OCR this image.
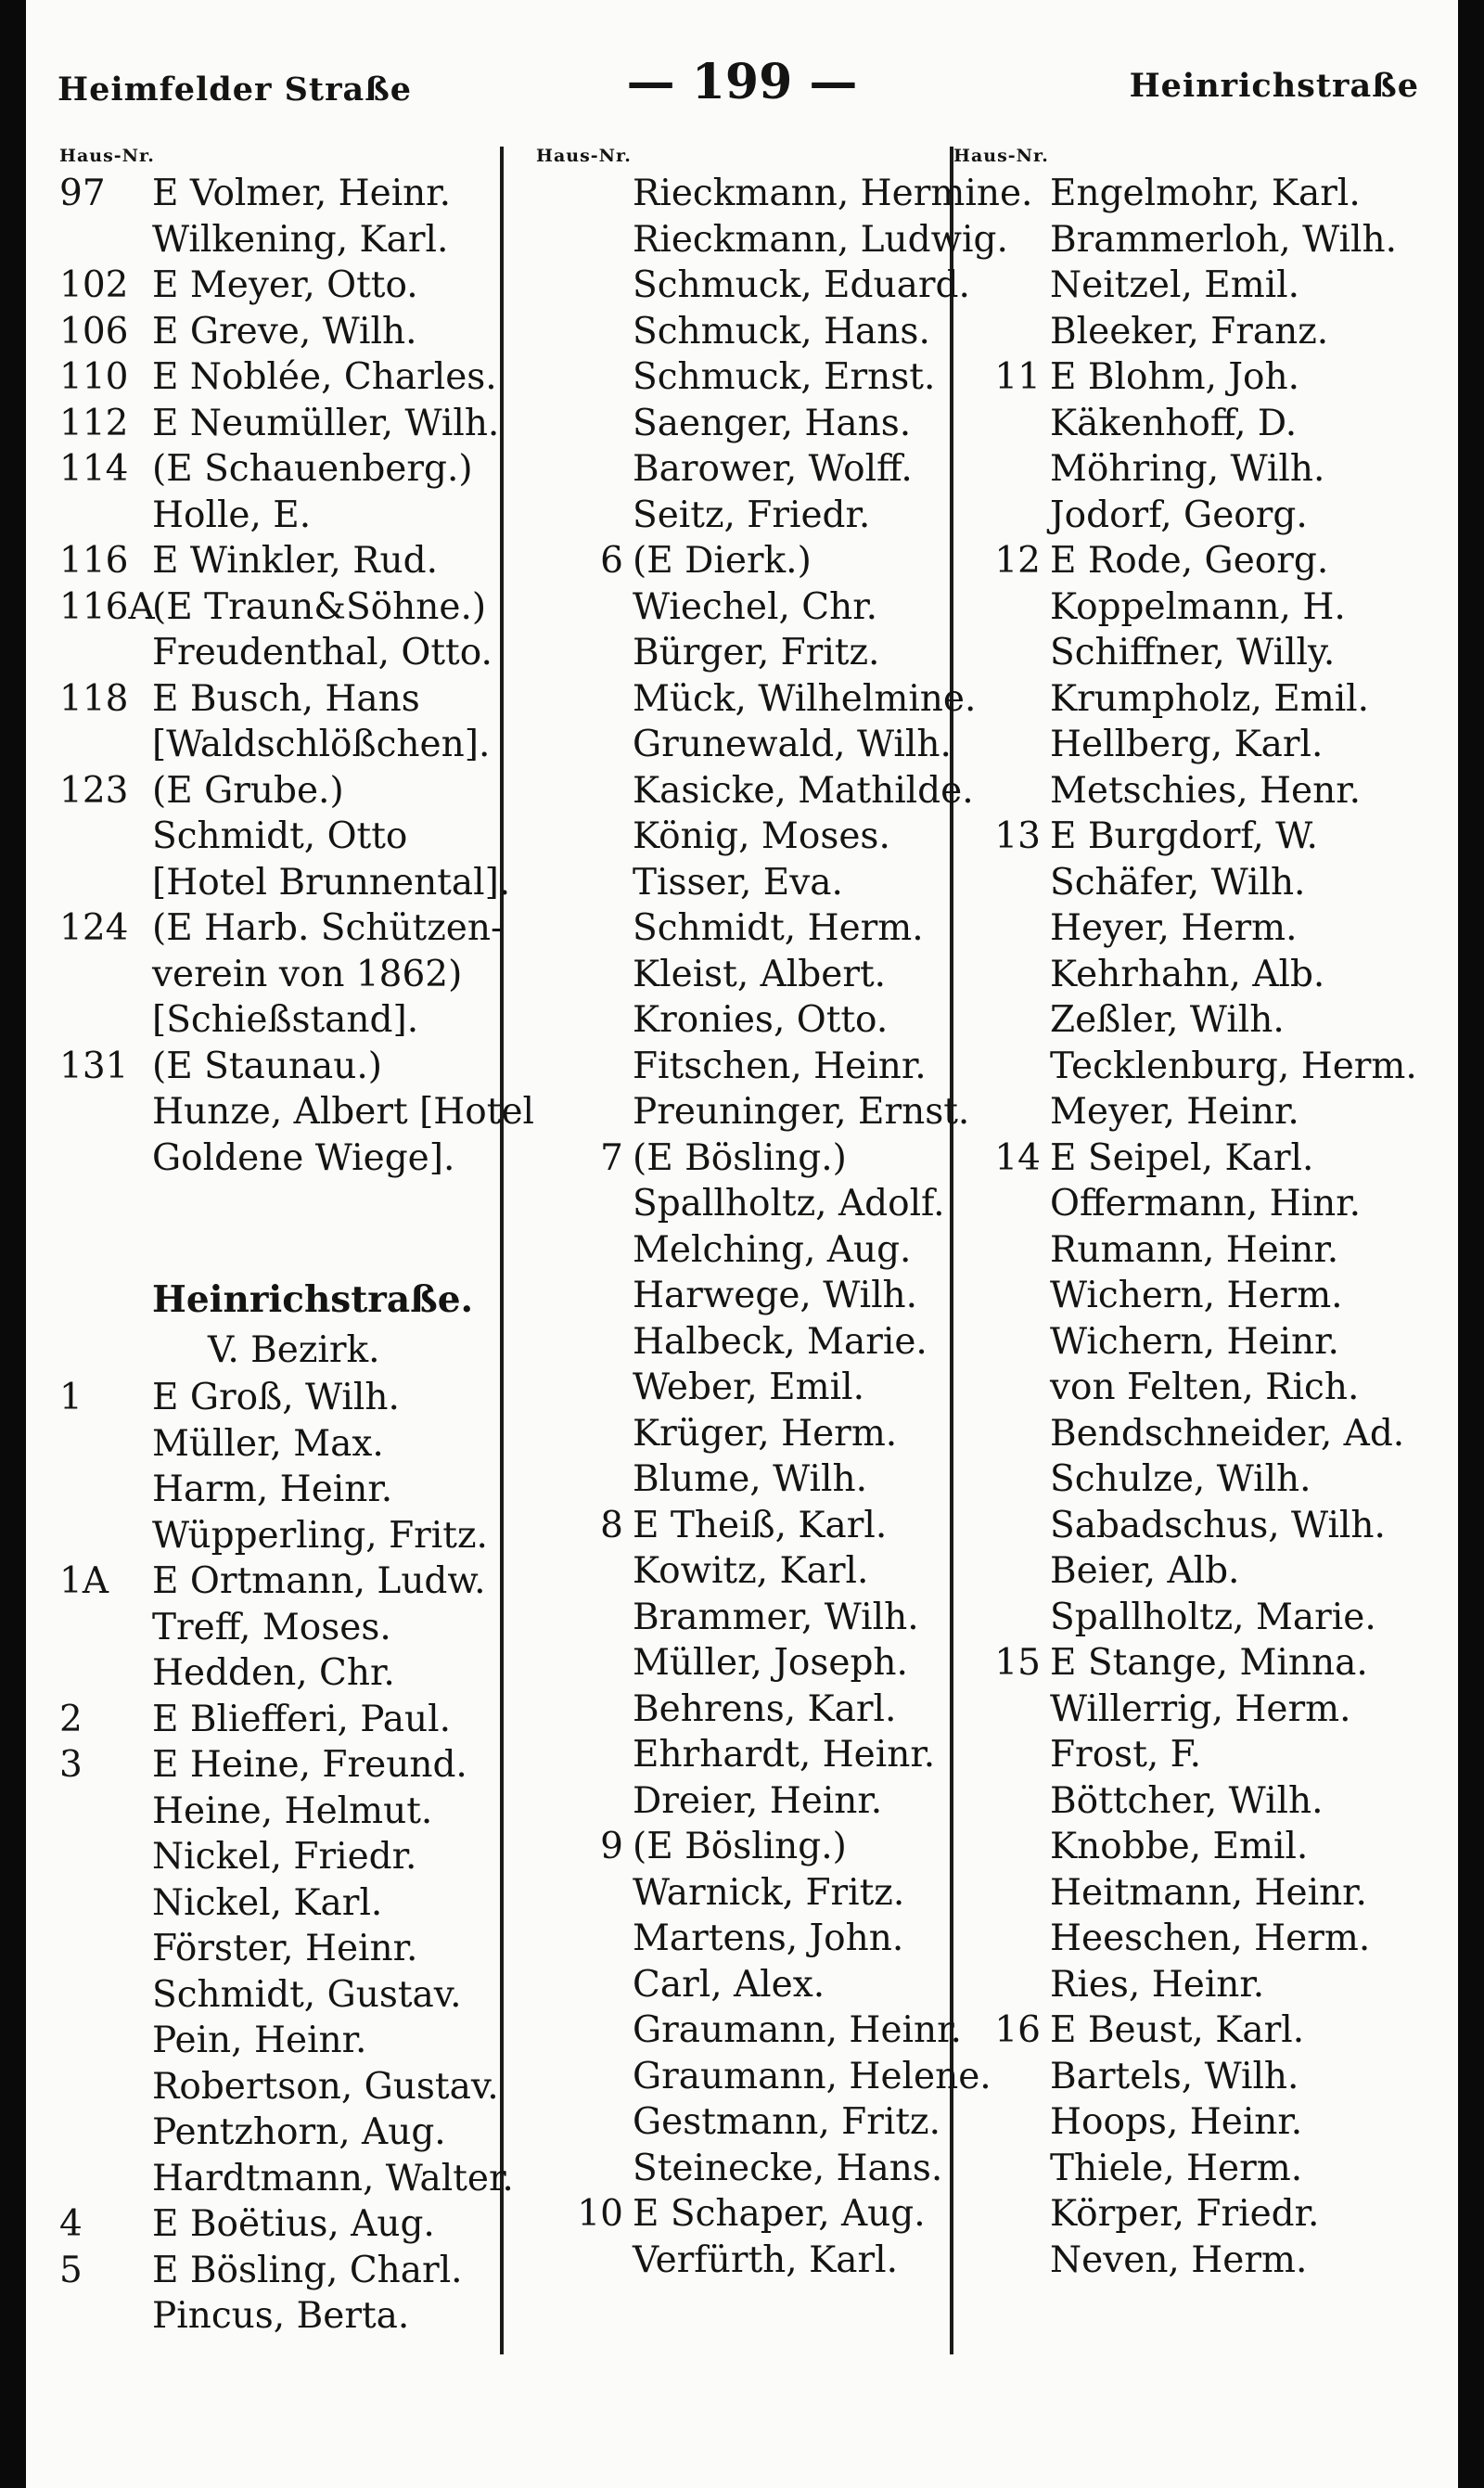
Heimfelder Straße	— 199 —	Heinrichstraße
Haus-Nr.
97 E Volmer, Heinr.
Wilkening, Karl.
102 E Meyer, Otto.
106 E Greve, Wilh.
110 E Noblée, Charles.
112 E Neumüller, Wilh.
114 (E Schauenberg.)
Holle, E.
116 E Winkler, Rud.
116A(E Traun&Söhne.)
Freudenthal, Otto.
118 E Busch, Hans
[Waldschlößchen].
123 (E Grube.)
Schmidt, Otto
[Hotel Brunnental].
124 (E Harb. Schützen-
verein von 1862)
[Schießstand].
131 (E Staunau.)
Hunze, Albert [Hotel
Goldene Wiege].
Heinrichstraße.
V. Bezirk.
1 E Groß, Wilh.
Müller, Max.
Harm, Heinr.
Wüpperling, Fritz.
1A E Ortmann, Ludw.
Treff, Moses.
Hedden, Chr.
2 E Bliefferi, Paul.
3 E Heine, Freund.
Heine, Helmut.
Nickel, Friedr.
Nickel, Karl.
Förster, Heinr.
Schmidt, Gustav.
Pein, Heinr.
Robertson, Gustav.
Pentzhorn, Aug.
Hardtmann, Walter.
4 E Boëtius, Aug.
5 E Bösling, Charl.
Pincus, Berta.
Haus-Nr.
Rieckmann, Hermine.
Rieckmann, Ludwig.
Schmuck, Eduard.
Schmuck, Hans.
Schmuck, Ernst.
Saenger, Hans.
Barower, Wolff.
Seitz, Friedr.
6 (E Dierk.)
Wiechel, Chr.
Bürger, Fritz.
Mück, Wilhelmine.
Grunewald, Wilh.
Kasicke, Mathilde.
König, Moses.
Tisser, Eva.
Schmidt, Herm.
Kleist, Albert.
Kronies, Otto.
Fitschen, Heinr.
Preuninger, Ernst.
7 (E Bösling.)
Spallholtz, Adolf.
Melching, Aug.
Harwege, Wilh.
Halbeck, Marie.
Weber, Emil.
Krüger, Herm.
Blume, Wilh.
8 E Theiß, Karl.
Kowitz, Karl.
Brammer, Wilh.
Müller, Joseph.
Behrens, Karl.
Ehrhardt, Heinr.
Dreier, Heinr.
9 (E Bösling.)
Warnick, Fritz.
Martens, John.
Carl, Alex.
Graumann, Heinr.
Graumann, Helene.
Gestmann, Fritz.
Steinecke, Hans.
10 E Schaper, Aug.
Verfürth, Karl.
Haus-Nr.
Engelmohr, Karl.
Brammerloh, Wilh.
Neitzel, Emil.
Bleeker, Franz.
11 E Blohm, Joh.
Käkenhoff, D.
Möhring, Wilh.
Jodorf, Georg.
12 E Rode, Georg.
Koppelmann, H.
Schiffner, Willy.
Krumpholz, Emil.
Hellberg, Karl.
Metschies, Henr.
13 E Burgdorf, W.
Schäfer, Wilh.
Heyer, Herm.
Kehrhahn, Alb.
Zeßler, Wilh.
Tecklenburg, Herm.
Meyer, Heinr.
14 E Seipel, Karl.
Offermann, Hinr.
Rumann, Heinr.
Wichern, Herm.
Wichern, Heinr.
von Felten, Rich.
Bendschneider, Ad.
Schulze, Wilh.
Sabadschus, Wilh.
Beier, Alb.
Spallholtz, Marie.
15 E Stange, Minna.
Willerrig, Herm.
Frost, F.
Böttcher, Wilh.
Knobbe, Emil.
Heitmann, Heinr.
Heeschen, Herm.
Ries, Heinr.
16 E Beust, Karl.
Bartels, Wilh.
Hoops, Heinr.
Thiele, Herm.
Körper, Friedr.
Neven, Herm.
